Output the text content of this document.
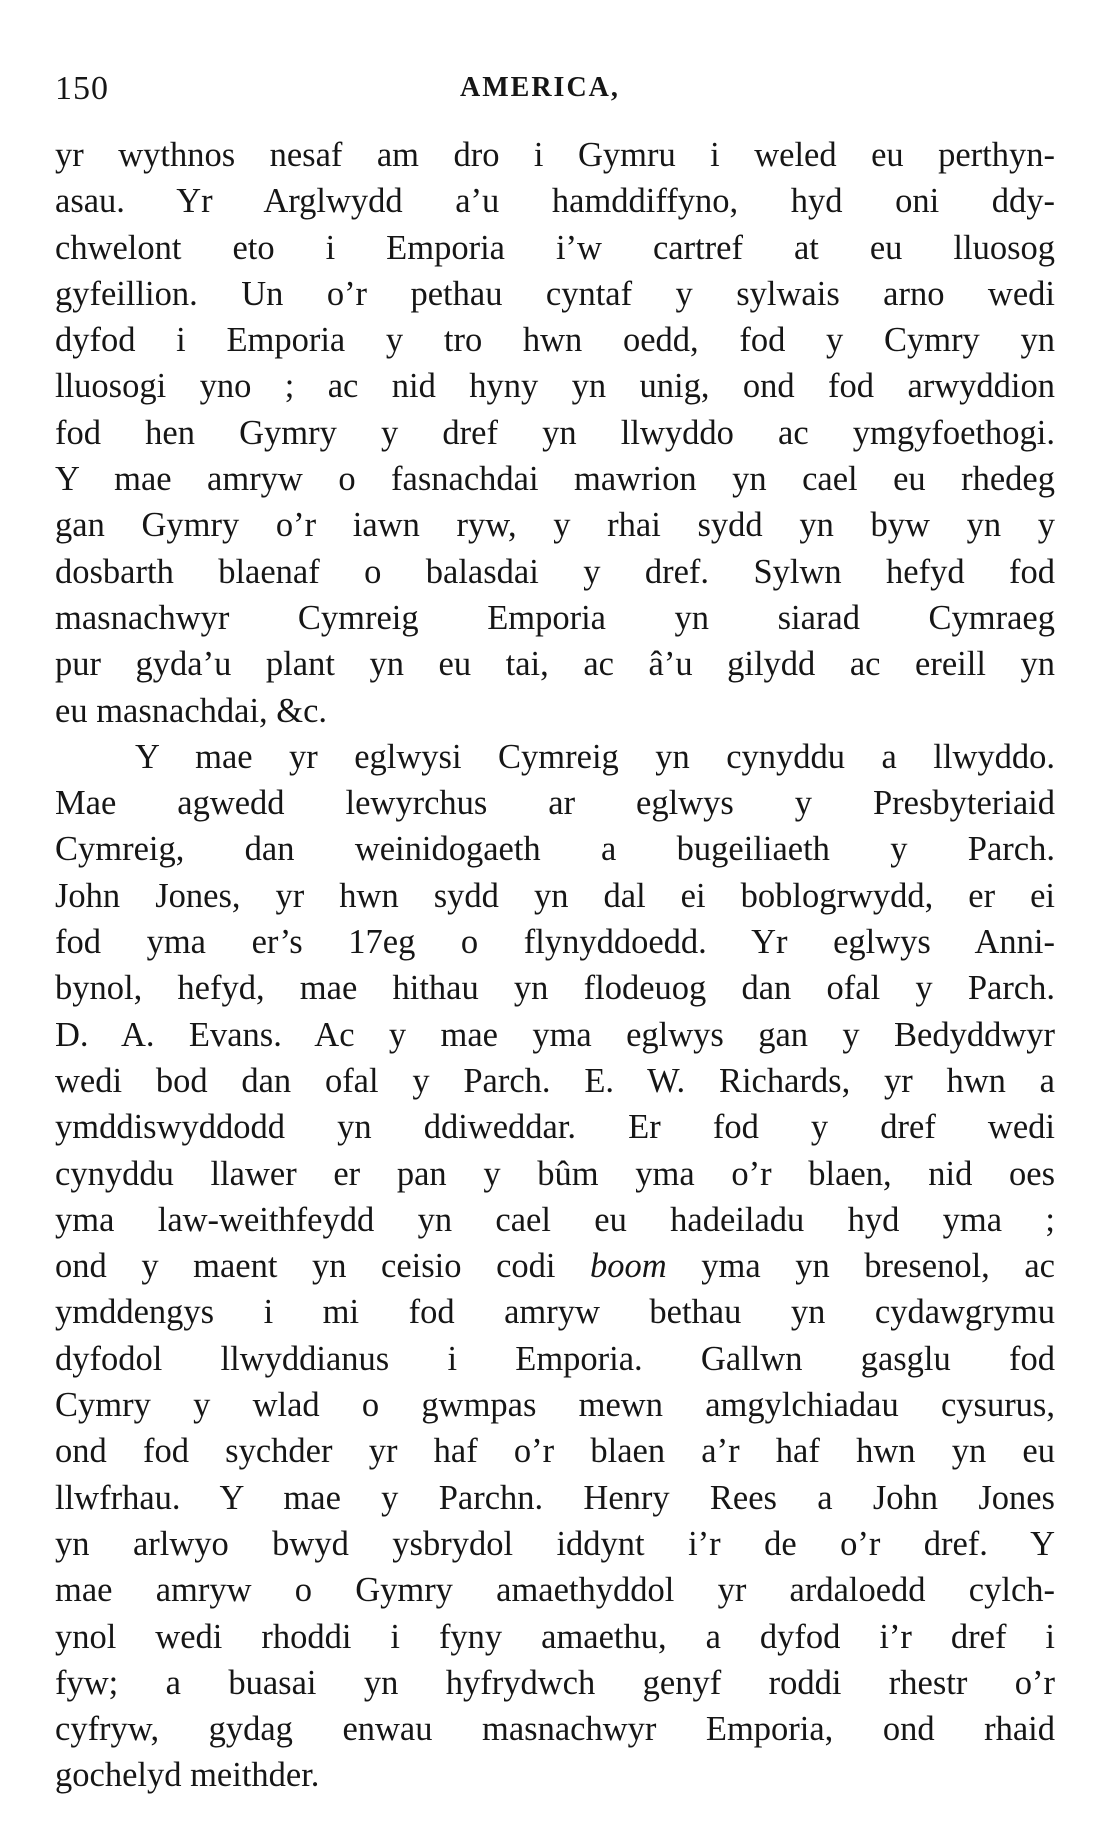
150	AMERICA,
yr wythnos nesaf am dro i Gymru i weled eu perthyn-
asau. Yr Arglwydd a’u hamddiffyno, hyd oni ddy-
chwelont eto i Emporia i’w cartref at eu lluosog
gyfeillion. Un o’r pethau cyntaf y sylwais arno wedi
dyfod i Emporia y tro hwn oedd, fod y Cymry yn
lluosogi yno ; ac nid hyny yn unig, ond fod arwyddion
fod hen Gymry y dref yn llwyddo ac ymgyfoethogi.
Y mae amryw o fasnachdai mawrion yn cael eu rhedeg
gan Gymry o’r iawn ryw, y rhai sydd yn byw yn y
dosbarth blaenaf o balasdai y dref. Sylwn hefyd fod
masnachwyr Cymreig Emporia yn siarad Cymraeg
pur gyda’u plant yn eu tai, ac â’u gilydd ac ereill yn
eu masnachdai, &c.
Y mae yr eglwysi Cymreig yn cynyddu a llwyddo.
Mae agwedd lewyrchus ar eglwys y Presbyteriaid
Cymreig, dan weinidogaeth a bugeiliaeth y Parch.
John Jones, yr hwn sydd yn dal ei boblogrwydd, er ei
fod yma er’s 17eg o flynyddoedd. Yr eglwys Anni-
bynol, hefyd, mae hithau yn flodeuog dan ofal y Parch.
D. A. Evans. Ac y mae yma eglwys gan y Bedyddwyr
wedi bod dan ofal y Parch. E. W. Richards, yr hwn a
ymddiswyddodd yn ddiweddar. Er fod y dref wedi
cynyddu llawer er pan y bûm yma o’r blaen, nid oes
yma law-weithfeydd yn cael eu hadeiladu hyd yma ;
ond y maent yn ceisio codi boom yma yn bresenol, ac
ymddengys i mi fod amryw bethau yn cydawgrymu
dyfodol llwyddianus i Emporia. Gallwn gasglu fod
Cymry y wlad o gwmpas mewn amgylchiadau cysurus,
ond fod sychder yr haf o’r blaen a’r haf hwn yn eu
llwfrhau. Y mae y Parchn. Henry Rees a John Jones
yn arlwyo bwyd ysbrydol iddynt i’r de o’r dref. Y
mae amryw o Gymry amaethyddol yr ardaloedd cylch-
ynol wedi rhoddi i fyny amaethu, a dyfod i’r dref i
fyw; a buasai yn hyfrydwch genyf roddi rhestr o’r
cyfryw, gydag enwau masnachwyr Emporia, ond rhaid
gochelyd meithder.
